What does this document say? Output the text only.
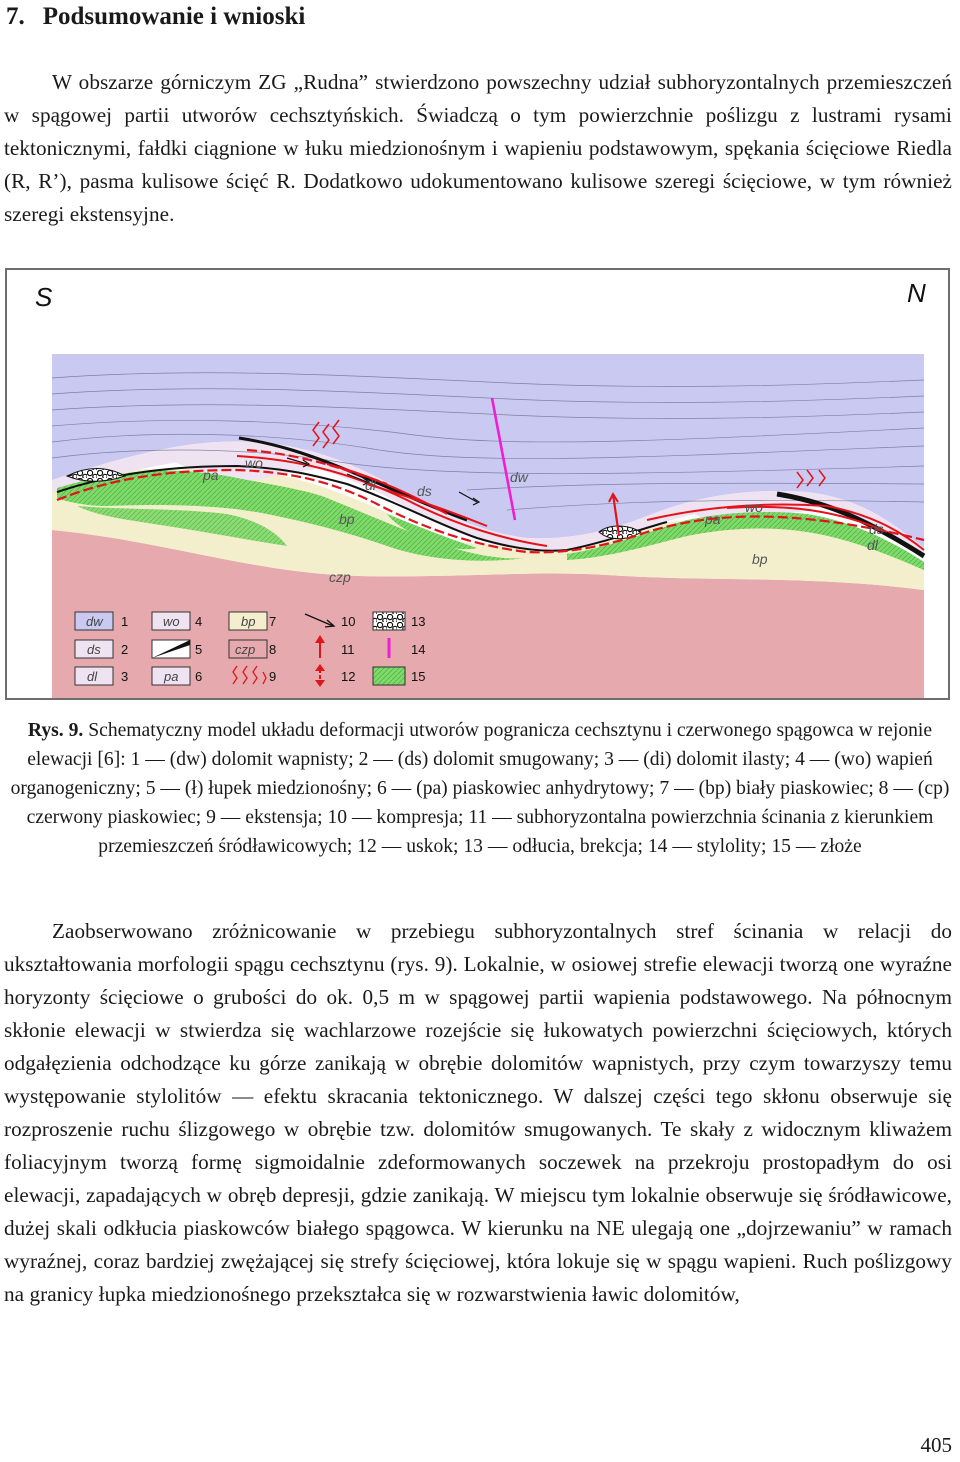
7. Podsumowanie i wnioski

W obszarze górniczym ZG „Rudna” stwierdzono powszechny udział subhoryzontalnych przemieszczeń w spągowej partii utworów cechsztyńskich. Świadczą o tym powierzchnie poślizgu z lustrami rysami tektonicznymi, fałdki ciągnione w łuku miedzionośnym i wapieniu podstawowym, spękania ścięciowe Riedla (R, R’), pasma kulisowe ścięć R. Dodatkowo udokumentowano kulisowe szeregi ścięciowe, w tym również szeregi ekstensyjne.

S	N
pa
wo
dl	ds
dw
bp
czp
pa
wo
bp
ds
dl
dw 1
ds 2
dl 3
wo 4
5
pa 6
bp 7
czp 8
9
10
11
12
13
14
15

Rys. 9. Schematyczny model układu deformacji utworów pogranicza cechsztynu i czerwonego spągowca w rejonie elewacji [6]: 1 — (dw) dolomit wapnisty; 2 — (ds) dolomit smugowany; 3 — (di) dolomit ilasty; 4 — (wo) wapień organogeniczny; 5 — (ł) łupek miedzionośny; 6 — (pa) piaskowiec anhydrytowy; 7 — (bp) biały piaskowiec; 8 — (cp) czerwony piaskowiec; 9 — ekstensja; 10 — kompresja; 11 — subhoryzontalna powierzchnia ścinania z kierunkiem przemieszczeń śródławicowych; 12 — uskok; 13 — odłucia, brekcja; 14 — stylolity; 15 — złoże

Zaobserwowano zróżnicowanie w przebiegu subhoryzontalnych stref ścinania w relacji do ukształtowania morfologii spągu cechsztynu (rys. 9). Lokalnie, w osiowej strefie elewacji tworzą one wyraźne horyzonty ścięciowe o grubości do ok. 0,5 m w spągowej partii wapienia podstawowego. Na północnym skłonie elewacji w stwierdza się wachlarzowe rozejście się łukowatych powierzchni ścięciowych, których odgałęzienia odchodzące ku górze zanikają w obrębie dolomitów wapnistych, przy czym towarzyszy temu występowanie stylolitów — efektu skracania tektonicznego. W dalszej części tego skłonu obserwuje się rozproszenie ruchu ślizgowego w obrębie tzw. dolomitów smugowanych. Te skały z widocznym kliważem foliacyjnym tworzą formę sigmoidalnie zdeformowanych soczewek na przekroju prostopadłym do osi elewacji, zapadających w obręb depresji, gdzie zanikają. W miejscu tym lokalnie obserwuje się śródławicowe, dużej skali odkłucia piaskowców białego spągowca. W kierunku na NE ulegają one „dojrzewaniu” w ramach wyraźnej, coraz bardziej zwężającej się strefy ścięciowej, która lokuje się w spągu wapieni. Ruch poślizgowy na granicy łupka miedzionośnego przekształca się w rozwarstwienia ławic dolomitów,

405
